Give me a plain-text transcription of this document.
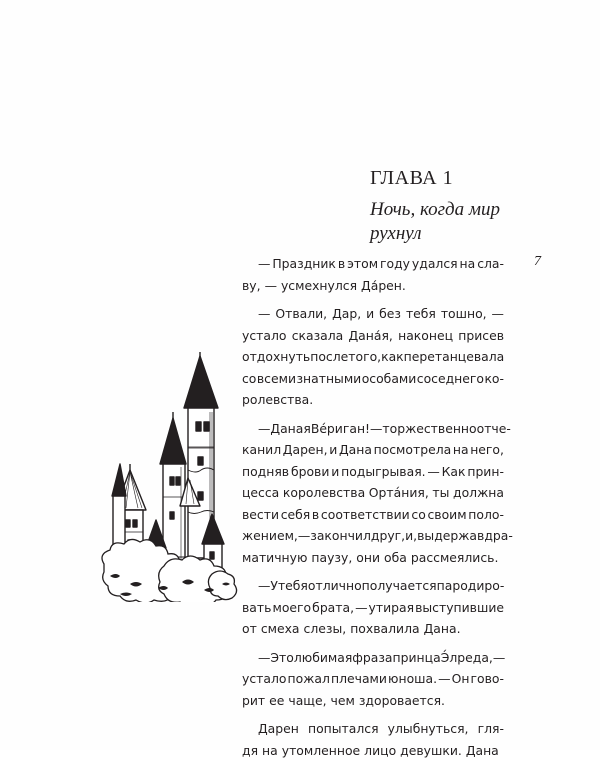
ГЛАВА 1
Ночь, когда мир
рухнул
7
— Праздник в этом году удался на сла-
ву, — усмехнулся Да́рен.
— Отвали, Дар, и без тебя тошно, —
устало сказала Дана́я, наконец присев
отдохнуть после того, как перетанцевала
со всеми знатными особами соседнего ко-
ролевства.
— Даная Вéриган! — торжественно отче-
канил Дарен, и Дана посмотрела на него,
подняв брови и подыгрывая. — Как прин-
цесса королевства Ортáния, ты должна
вести себя в соответствии со своим поло-
жением, — закончил друг, и, выдержав дра-
матичную паузу, они оба рассмеялись.
— У тебя отлично получается пародиро-
вать моего брата, — утирая выступившие
от смеха слезы, похвалила Дана.
— Это любимая фраза принца Э́лреда, —
устало пожал плечами юноша. — Он гово-
рит ее чаще, чем здоровается.
Дарен попытался улыбнуться, гля-
дя на утомленное лицо девушки. Дана
